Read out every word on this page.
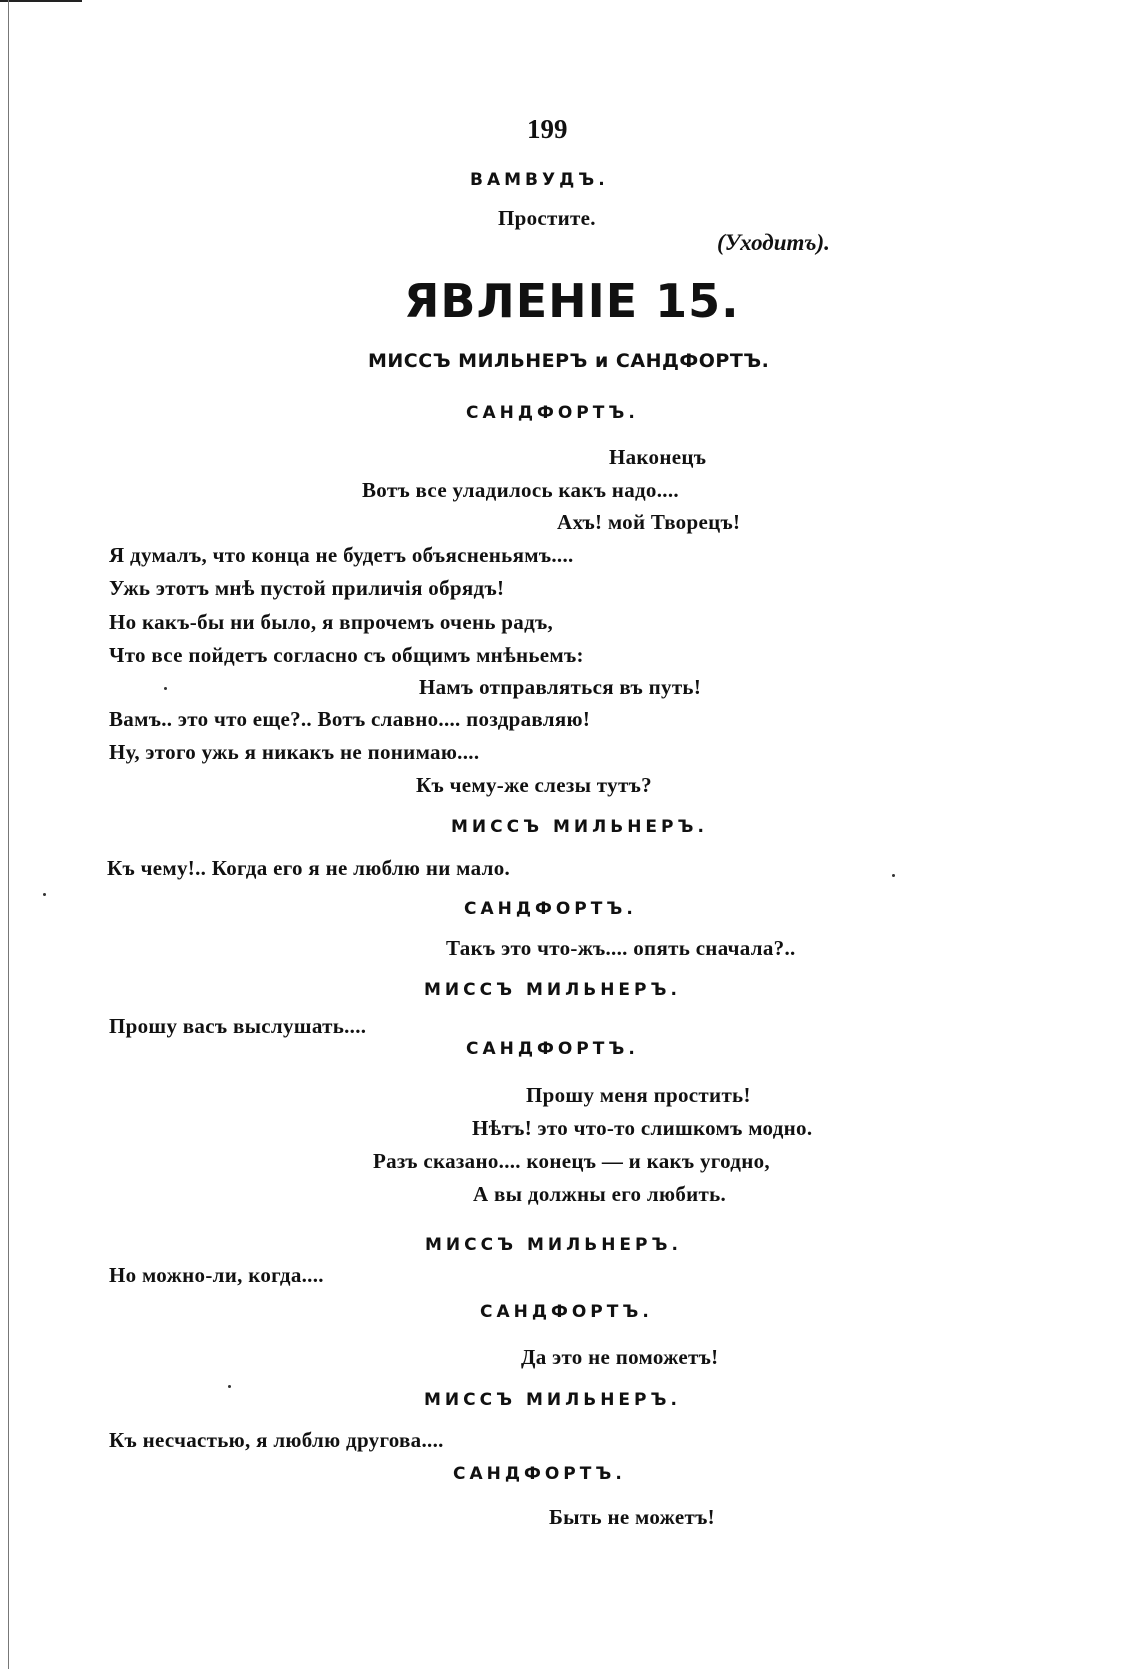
199
ВАМВУДЪ.
Простите.
(Уходитъ).
ЯВЛЕНІЕ 15.
МИССЪ МИЛЬНЕРЪ и САНДФОРТЪ.
САНДФОРТЪ.
Наконецъ
Вотъ все уладилось какъ надо....
Ахъ! мой Творецъ!
Я думалъ, что конца не будетъ объясненьямъ....
Ужь этотъ мнѣ пустой приличія обрядъ!
Но какъ-бы ни было, я впрочемъ очень радъ,
Что все пойдетъ согласно съ общимъ мнѣньемъ:
Намъ отправляться въ путь!
Вамъ.. это что еще?.. Вотъ славно.... поздравляю!
Ну, этого ужь я никакъ не понимаю....
Къ чему-же слезы тутъ?
МИССЪ МИЛЬНЕРЪ.
Къ чему!.. Когда его я не люблю ни мало.
САНДФОРТЪ.
Такъ это что-жъ.... опять сначала?..
МИССЪ МИЛЬНЕРЪ.
Прошу васъ выслушать....
САНДФОРТЪ.
Прошу меня простить!
Нѣтъ! это что-то слишкомъ модно.
Разъ сказано.... конецъ — и какъ угодно,
А вы должны его любить.
МИССЪ МИЛЬНЕРЪ.
Но можно-ли, когда....
САНДФОРТЪ.
Да это не поможетъ!
МИССЪ МИЛЬНЕРЪ.
Къ несчастью, я люблю другова....
САНДФОРТЪ.
Быть не можетъ!
